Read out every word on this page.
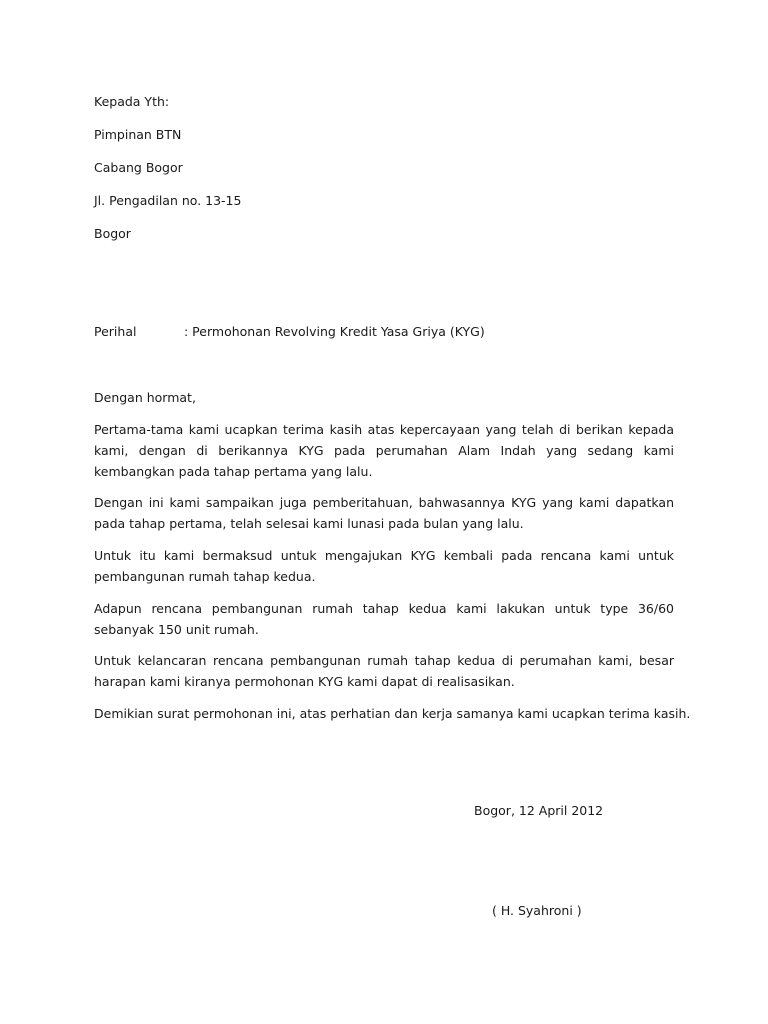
Kepada Yth:
Pimpinan BTN
Cabang Bogor
Jl. Pengadilan no. 13-15
Bogor
Perihal	: Permohonan Revolving Kredit Yasa Griya (KYG)
Dengan hormat,
Pertama-tama kami ucapkan terima kasih atas kepercayaan yang telah di berikan kepada kami, dengan di berikannya KYG pada perumahan Alam Indah yang sedang kami kembangkan pada tahap pertama yang lalu.
Dengan ini kami sampaikan juga pemberitahuan, bahwasannya KYG yang kami dapatkan pada tahap pertama, telah selesai kami lunasi pada bulan yang lalu.
Untuk itu kami bermaksud untuk mengajukan KYG kembali pada rencana kami untuk pembangunan rumah tahap kedua.
Adapun rencana pembangunan rumah tahap kedua kami lakukan untuk type 36/60 sebanyak 150 unit rumah.
Untuk kelancaran rencana pembangunan rumah tahap kedua di perumahan kami, besar harapan kami kiranya permohonan KYG kami dapat di realisasikan.
Demikian surat permohonan ini, atas perhatian dan kerja samanya kami ucapkan terima kasih.
Bogor, 12 April 2012
( H. Syahroni )
